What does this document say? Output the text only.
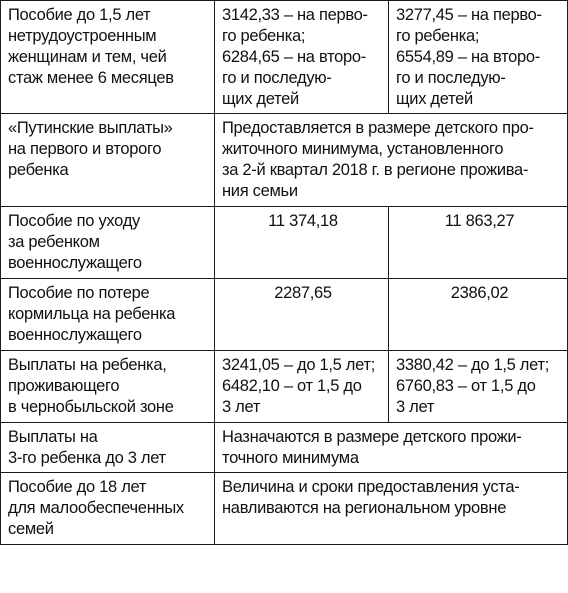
Пособие до 1,5 лет
нетрудоустроенным
женщинам и тем, чей
стаж менее 6 месяцев	3142,33 – на перво-
го ребенка;
6284,65 – на второ-
го и последую-
щих детей	3277,45 – на перво-
го ребенка;
6554,89 – на второ-
го и последую-
щих детей

«Путинские выплаты»
на первого и второго
ребенка	Предоставляется в размере детского про-
житочного минимума, установленного
за 2-й квартал 2018 г. в регионе прожива-
ния семьи	

Пособие по уходу
за ребенком
военнослужащего	11 374,18	11 863,27

Пособие по потере
кормильца на ребенка
военнослужащего	2287,65	2386,02

Выплаты на ребенка,
проживающего
в чернобыльской зоне	3241,05 – до 1,5 лет;
6482,10 – от 1,5 до
3 лет	3380,42 – до 1,5 лет;
6760,83 – от 1,5 до
3 лет

Выплаты на
3-го ребенка до 3 лет	Назначаются в размере детского прожи-
точного минимума	

Пособие до 18 лет
для малообеспеченных
семей	Величина и сроки предоставления уста-
навливаются на региональном уровне	
